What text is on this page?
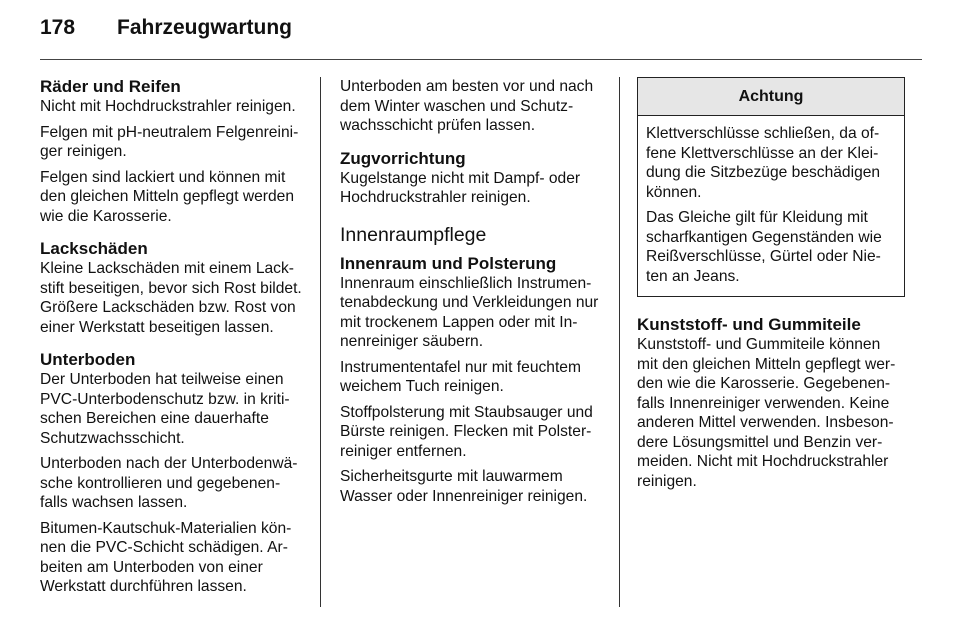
178 Fahrzeugwartung
Räder und Reifen

Nicht mit Hochdruckstrahler reinigen.

Felgen mit pH-neutralem Felgenreini- ger reinigen.

Felgen sind lackiert und können mit den gleichen Mitteln gepflegt werden wie die Karosserie.

Lackschäden

Kleine Lackschäden mit einem Lack- stift beseitigen, bevor sich Rost bildet. Größere Lackschäden bzw. Rost von einer Werkstatt beseitigen lassen.

Unterboden

Der Unterboden hat teilweise einen PVC-Unterbodenschutz bzw. in kriti- schen Bereichen eine dauerhafte Schutzwachsschicht.

Unterboden nach der Unterbodenwä- sche kontrollieren und gegebenen- falls wachsen lassen.

Bitumen-Kautschuk-Materialien kön- nen die PVC-Schicht schädigen. Ar- beiten am Unterboden von einer Werkstatt durchführen lassen.

Unterboden am besten vor und nach dem Winter waschen und Schutz- wachsschicht prüfen lassen.

Zugvorrichtung

Kugelstange nicht mit Dampf- oder Hochdruckstrahler reinigen.

Innenraumpflege
Innenraum und Polsterung

Innenraum einschließlich Instrumen- tenabdeckung und Verkleidungen nur mit trockenem Lappen oder mit In- nenreiniger säubern.

Instrumententafel nur mit feuchtem weichem Tuch reinigen.

Stoffpolsterung mit Staubsauger und Bürste reinigen. Flecken mit Polster- reiniger entfernen.

Sicherheitsgurte mit lauwarmem Wasser oder Innenreiniger reinigen.

Achtung

Klettverschlüsse schließen, da of- fene Klettverschlüsse an der Klei- dung die Sitzbezüge beschädigen können.

Das Gleiche gilt für Kleidung mit scharfkantigen Gegenständen wie Reißverschlüsse, Gürtel oder Nie- ten an Jeans.

Kunststoff- und Gummiteile

Kunststoff- und Gummiteile können mit den gleichen Mitteln gepflegt wer- den wie die Karosserie. Gegebenen- falls Innenreiniger verwenden. Keine anderen Mittel verwenden. Insbeson- dere Lösungsmittel und Benzin ver- meiden. Nicht mit Hochdruckstrahler reinigen.
